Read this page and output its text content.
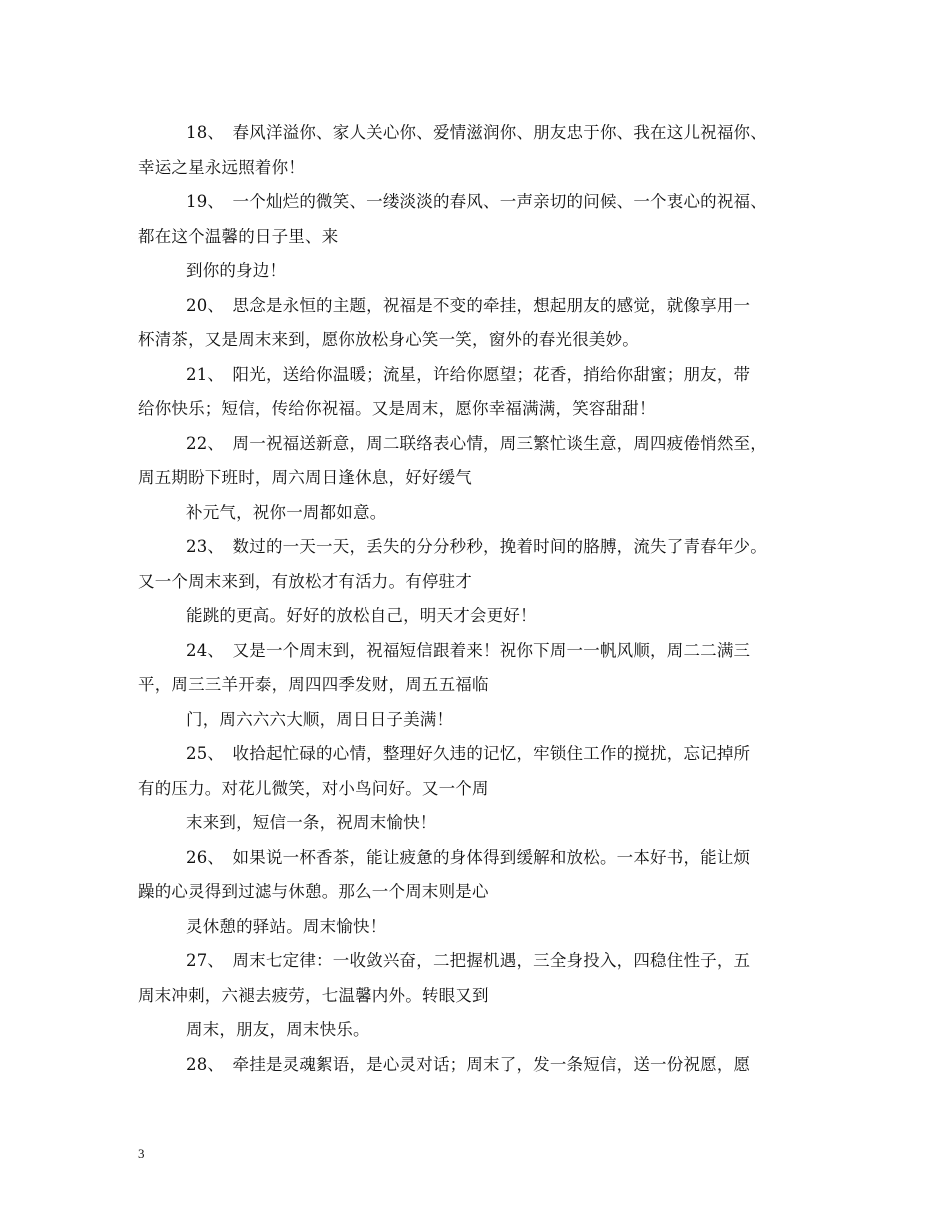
18、　春风洋溢你、家人关心你、爱情滋润你、朋友忠于你、我在这儿祝福你、
幸运之星永远照着你！
19、　一个灿烂的微笑、一缕淡淡的春风、一声亲切的问候、一个衷心的祝福、
都在这个温馨的日子里、来
到你的身边！
20、　思念是永恒的主题，祝福是不变的牵挂，想起朋友的感觉，就像享用一
杯清茶，又是周末来到，愿你放松身心笑一笑，窗外的春光很美妙。
21、　阳光，送给你温暖；流星，许给你愿望；花香，捎给你甜蜜；朋友，带
给你快乐；短信，传给你祝福。又是周末，愿你幸福满满，笑容甜甜！
22、　周一祝福送新意，周二联络表心情，周三繁忙谈生意，周四疲倦悄然至，
周五期盼下班时，周六周日逢休息，好好缓气
补元气，祝你一周都如意。
23、　数过的一天一天，丢失的分分秒秒，挽着时间的胳膊，流失了青春年少。
又一个周末来到，有放松才有活力。有停驻才
能跳的更高。好好的放松自己，明天才会更好！
24、　又是一个周末到，祝福短信跟着来！祝你下周一一帆风顺，周二二满三
平，周三三羊开泰，周四四季发财，周五五福临
门，周六六六大顺，周日日子美满！
25、　收拾起忙碌的心情，整理好久违的记忆，牢锁住工作的搅扰，忘记掉所
有的压力。对花儿微笑，对小鸟问好。又一个周
末来到，短信一条，祝周末愉快！
26、　如果说一杯香茶，能让疲惫的身体得到缓解和放松。一本好书，能让烦
躁的心灵得到过滤与休憩。那么一个周末则是心
灵休憩的驿站。周末愉快！
27、　周末七定律：一收敛兴奋，二把握机遇，三全身投入，四稳住性子，五
周末冲刺，六褪去疲劳，七温馨内外。转眼又到
周末，朋友，周末快乐。
28、　牵挂是灵魂絮语，是心灵对话；周末了，发一条短信，送一份祝愿，愿
3
